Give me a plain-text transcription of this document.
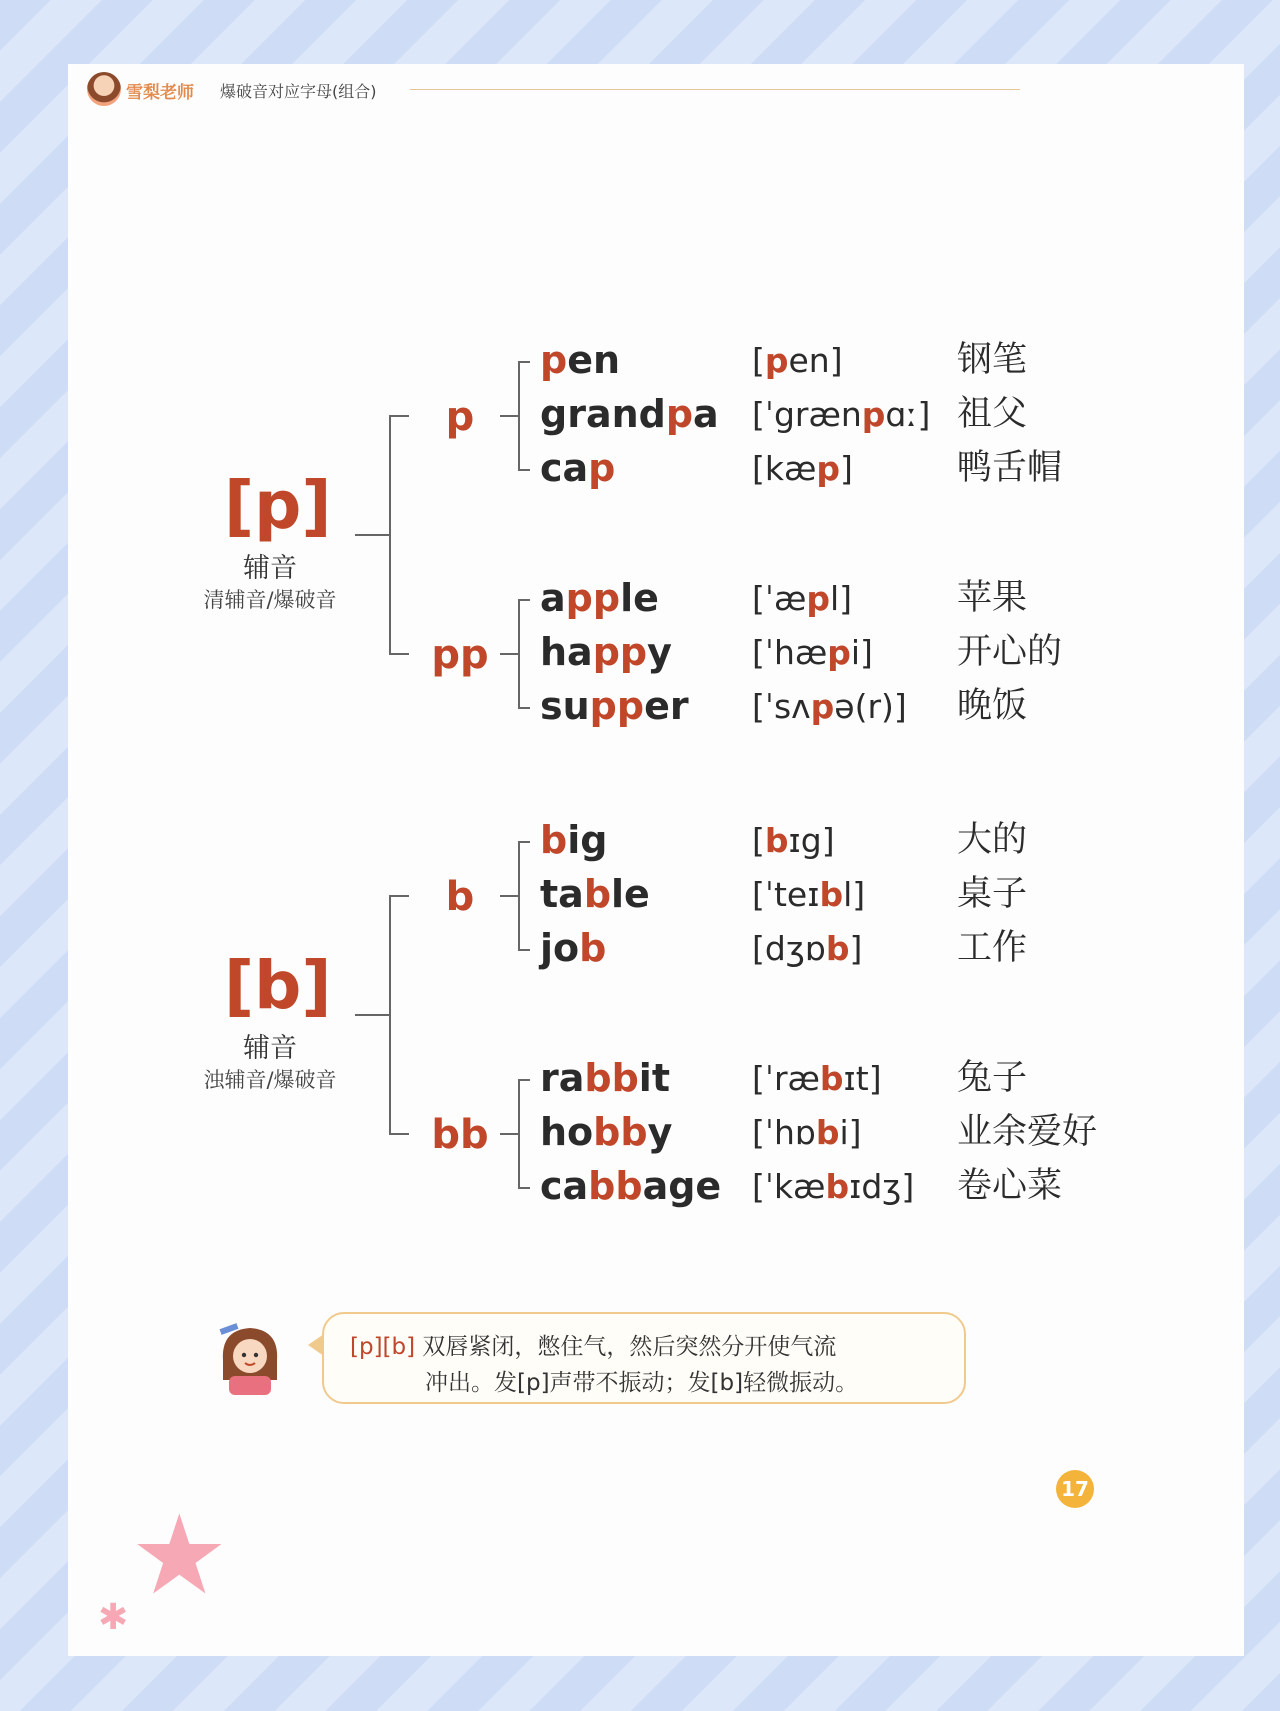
雪梨老师 爆破音对应字母(组合)
[p]
辅音
清辅音/爆破音
p
pen	[pen]	钢笔
grandpa [ˈgrænpɑː] 祖父
cap	[kæp]	鸭舌帽
pp
apple	[ˈæpl]	苹果
happy [ˈhæpi] 开心的
supper [ˈsʌpə(r)] 晚饭
[b]
辅音
浊辅音/爆破音
b
big	[bɪg]	大的
table	[ˈteɪbl]	桌子
job	[dʒɒb]	工作
bb
rabbit [ˈræbɪt] 兔子
hobby [ˈhɒbi]	业余爱好
cabbage [ˈkæbɪdʒ] 卷心菜
[p][b] 双唇紧闭，憋住气，然后突然分开使气流
冲出。发[p]声带不振动；发[b]轻微振动。
★
✱
17
